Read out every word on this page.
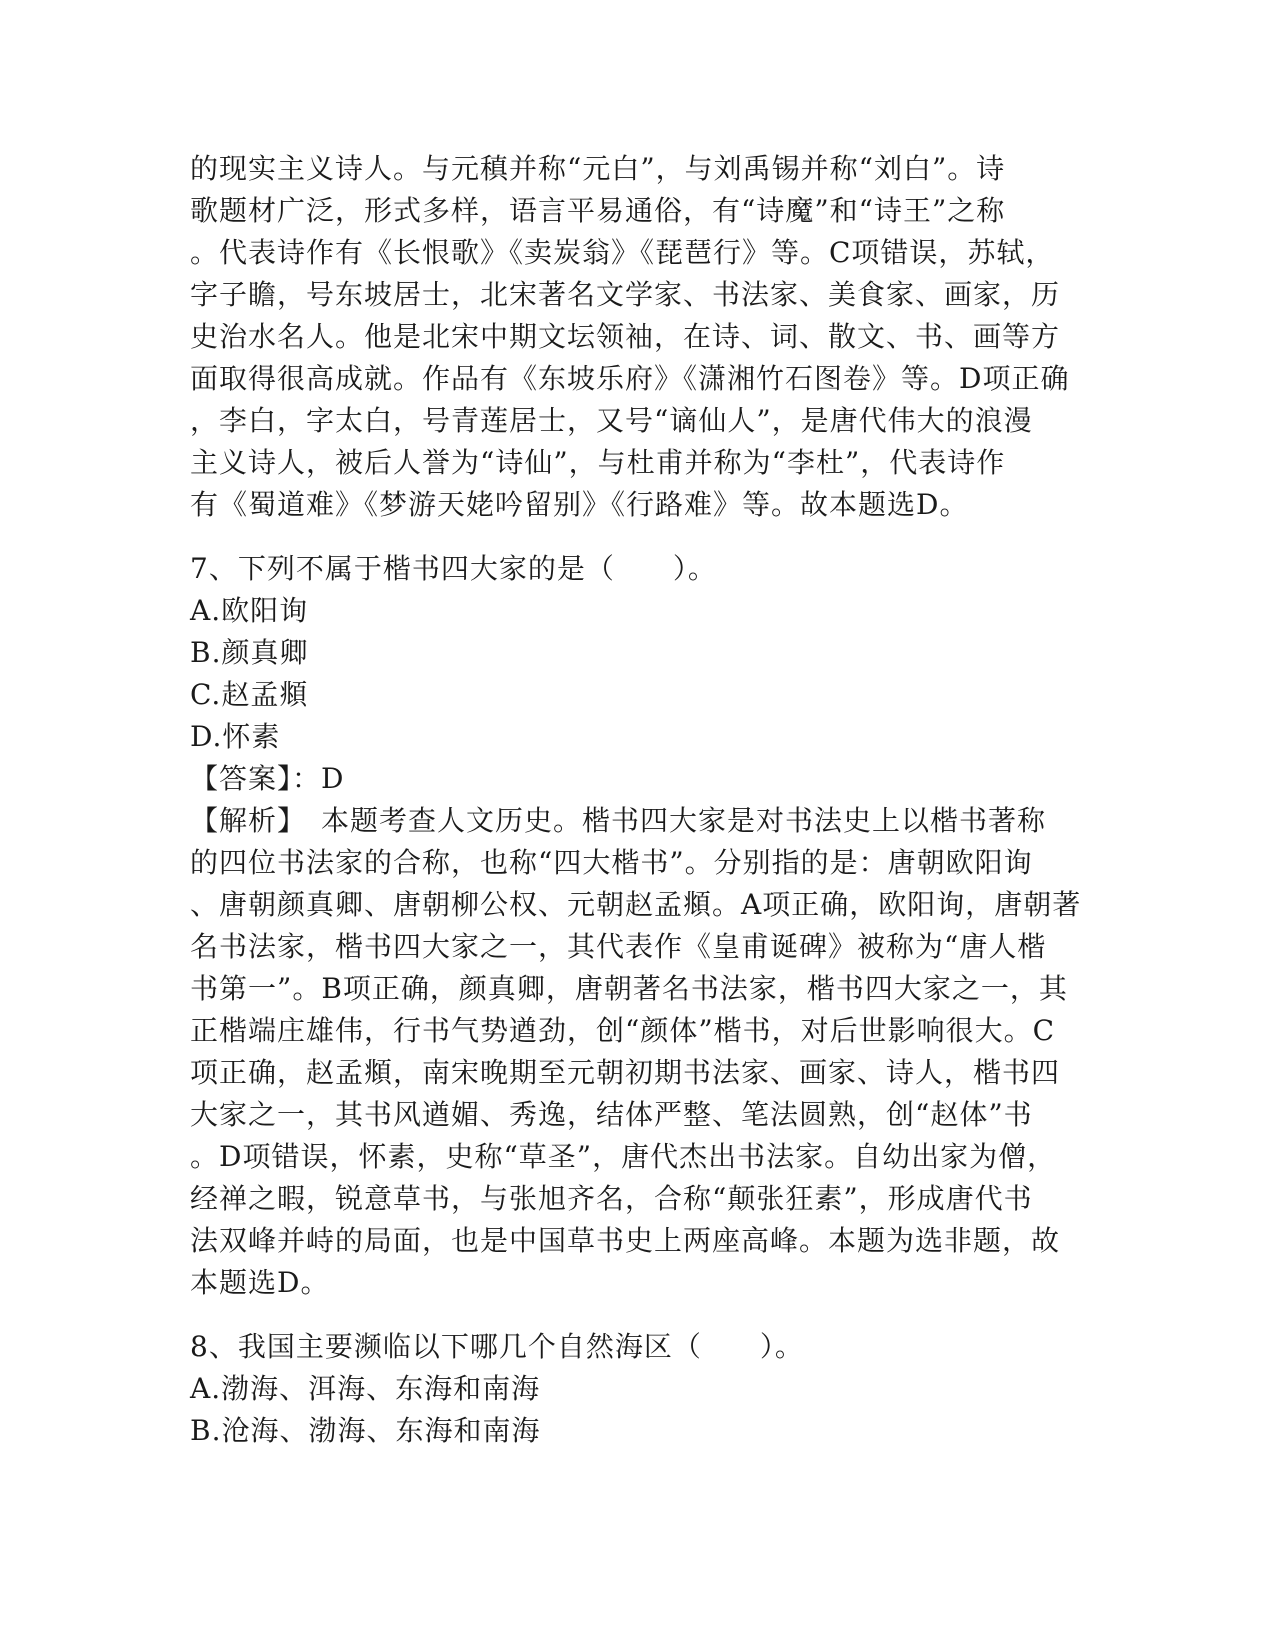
的现实主义诗人。与元稹并称“元白”，与刘禹锡并称“刘白”。诗
歌题材广泛，形式多样，语言平易通俗，有“诗魔”和“诗王”之称
。代表诗作有《长恨歌》《卖炭翁》《琵琶行》等。C项错误，苏轼，
字子瞻，号东坡居士，北宋著名文学家、书法家、美食家、画家，历
史治水名人。他是北宋中期文坛领袖，在诗、词、散文、书、画等方
面取得很高成就。作品有《东坡乐府》《潇湘竹石图卷》等。D项正确
，李白，字太白，号青莲居士，又号“谪仙人”，是唐代伟大的浪漫
主义诗人，被后人誉为“诗仙”，与杜甫并称为“李杜”，代表诗作
有《蜀道难》《梦游天姥吟留别》《行路难》等。故本题选D。
7、下列不属于楷书四大家的是（　　）。
A.欧阳询
B.颜真卿
C.赵孟頫
D.怀素
【答案】：D
【解析】　本题考查人文历史。楷书四大家是对书法史上以楷书著称
的四位书法家的合称，也称“四大楷书”。分别指的是：唐朝欧阳询
、唐朝颜真卿、唐朝柳公权、元朝赵孟頫。A项正确，欧阳询，唐朝著
名书法家，楷书四大家之一，其代表作《皇甫诞碑》被称为“唐人楷
书第一”。B项正确，颜真卿，唐朝著名书法家，楷书四大家之一，其
正楷端庄雄伟，行书气势遒劲，创“颜体”楷书，对后世影响很大。C
项正确，赵孟頫，南宋晚期至元朝初期书法家、画家、诗人，楷书四
大家之一，其书风遒媚、秀逸，结体严整、笔法圆熟，创“赵体”书
。D项错误，怀素，史称“草圣”，唐代杰出书法家。自幼出家为僧，
经禅之暇，锐意草书，与张旭齐名，合称“颠张狂素”，形成唐代书
法双峰并峙的局面，也是中国草书史上两座高峰。本题为选非题，故
本题选D。
8、我国主要濒临以下哪几个自然海区（　　）。
A.渤海、洱海、东海和南海
B.沧海、渤海、东海和南海
